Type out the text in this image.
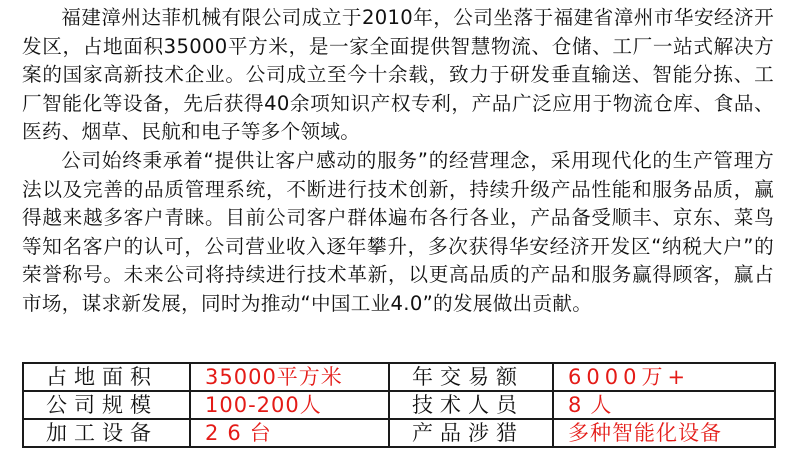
福建漳州达菲机械有限公司成立于2010年，公司坐落于福建省漳州市华安经济开发区，占地面积35000平方米，是一家全面提供智慧物流、仓储、工厂一站式解决方案的国家高新技术企业。公司成立至今十余载，致力于研发垂直输送、智能分拣、工厂智能化等设备，先后获得40余项知识产权专利，产品广泛应用于物流仓库、食品、医药、烟草、民航和电子等多个领域。

公司始终秉承着“提供让客户感动的服务”的经营理念，采用现代化的生产管理方法以及完善的品质管理系统，不断进行技术创新，持续升级产品性能和服务品质，赢得越来越多客户青睐。目前公司客户群体遍布各行各业，产品备受顺丰、京东、菜鸟等知名客户的认可，公司营业收入逐年攀升，多次获得华安经济开发区“纳税大户”的荣誉称号。未来公司将持续进行技术革新，以更高品质的产品和服务赢得顾客，赢占市场，谋求新发展，同时为推动“中国工业4.0”的发展做出贡献。

占地面积	35000平方米	年交易额	6000万+
公司规模	100-200人	技术人员	8人
加工设备	26台	产品涉猎	多种智能化设备
